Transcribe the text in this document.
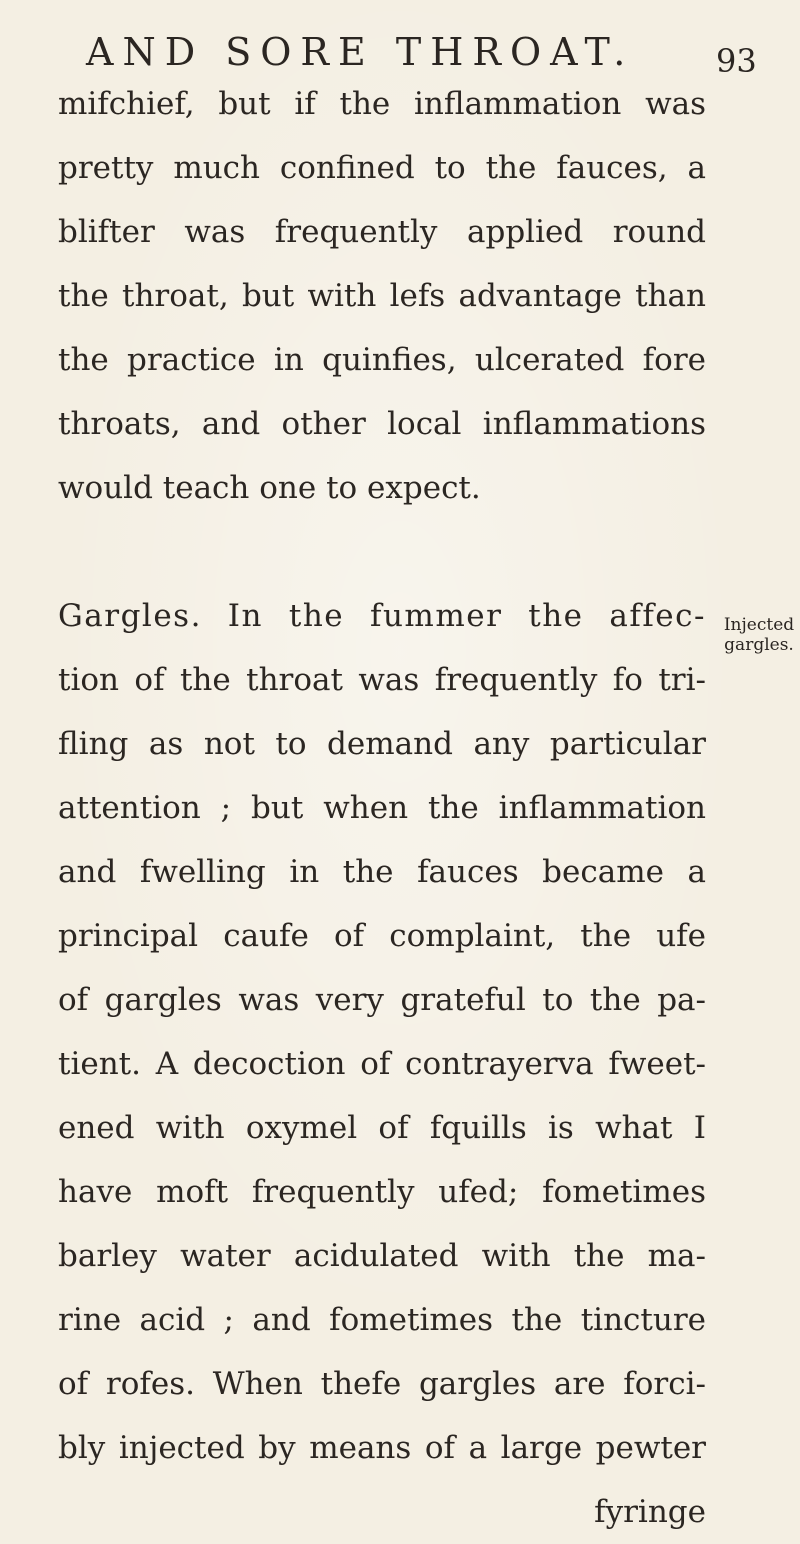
AND SORE THROAT.	93
mifchief, but if the inflammation was
pretty much confined to the fauces, a
blifter was frequently applied round
the throat, but with lefs advantage than
the practice in quinfies, ulcerated fore
throats, and other local inflammations
would teach one to expect.
Gargles. In the fummer the affec-
tion of the throat was frequently fo tri-
fling as not to demand any particular
attention ; but when the inflammation
and fwelling in the fauces became a
principal caufe of complaint, the ufe
of gargles was very grateful to the pa-
tient. A decoction of contrayerva fweet-
ened with oxymel of fquills is what I
have moft frequently ufed; fometimes
barley water acidulated with the ma-
rine acid ; and fometimes the tincture
of rofes. When thefe gargles are forci-
bly injected by means of a large pewter
fyringe
Injected
gargles.
